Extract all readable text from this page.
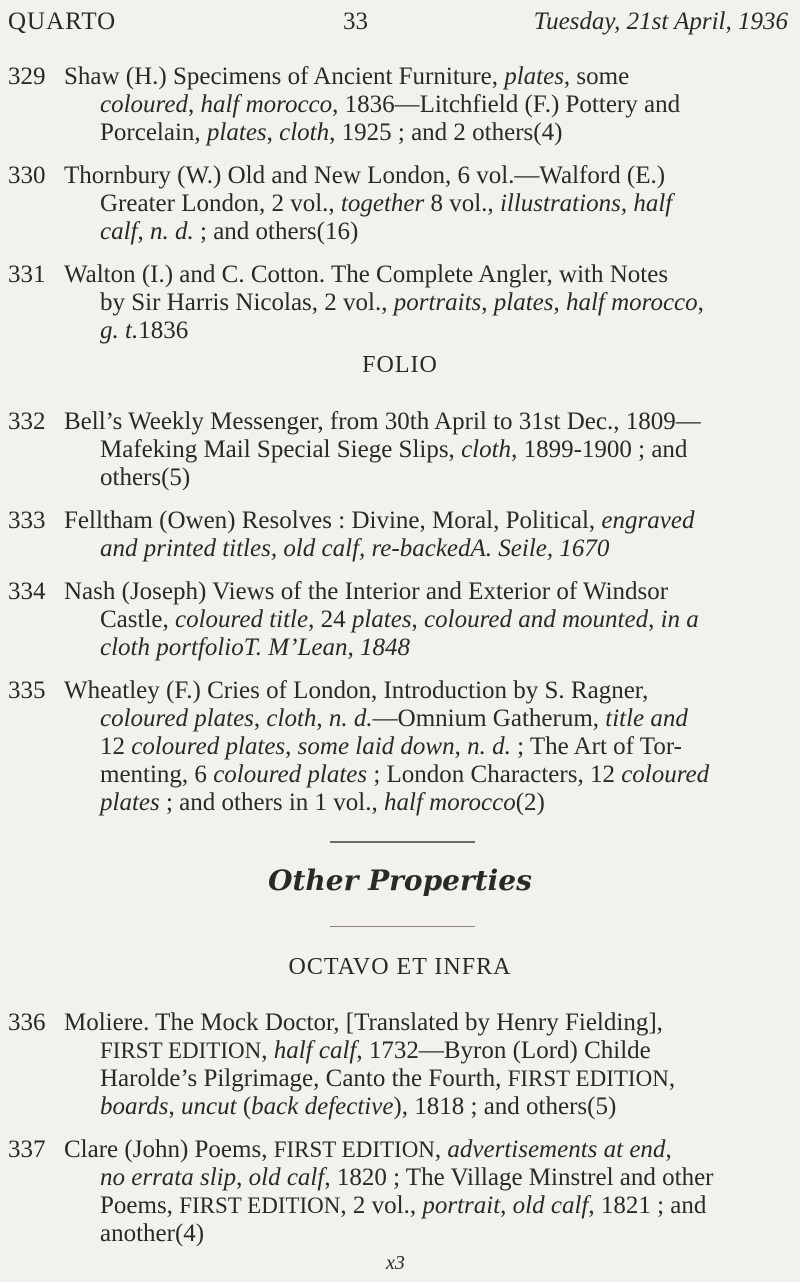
QUARTO	33	Tuesday, 21st April, 1936
329 Shaw (H.) Specimens of Ancient Furniture, plates, some
coloured, half morocco, 1836—Litchfield (F.) Pottery and
Porcelain, plates, cloth, 1925 ; and 2 others(4)
330 Thornbury (W.) Old and New London, 6 vol.—Walford (E.)
Greater London, 2 vol., together 8 vol., illustrations, half
calf, n. d. ; and others(16)
331 Walton (I.) and C. Cotton. The Complete Angler, with Notes
by Sir Harris Nicolas, 2 vol., portraits, plates, half morocco,
g. t.1836
FOLIO
332 Bell’s Weekly Messenger, from 30th April to 31st Dec., 1809—
Mafeking Mail Special Siege Slips, cloth, 1899-1900 ; and
others(5)
333 Felltham (Owen) Resolves : Divine, Moral, Political, engraved
and printed titles, old calf, re-backedA. Seile, 1670
334 Nash (Joseph) Views of the Interior and Exterior of Windsor
Castle, coloured title, 24 plates, coloured and mounted, in a
cloth portfolioT. M’Lean, 1848
335 Wheatley (F.) Cries of London, Introduction by S. Ragner,
coloured plates, cloth, n. d.—Omnium Gatherum, title and
12 coloured plates, some laid down, n. d. ; The Art of Tor-
menting, 6 coloured plates ; London Characters, 12 coloured
plates ; and others in 1 vol., half morocco(2)
Other Properties
OCTAVO ET INFRA
336 Moliere. The Mock Doctor, [Translated by Henry Fielding],
FIRST EDITION, half calf, 1732—Byron (Lord) Childe
Harolde’s Pilgrimage, Canto the Fourth, FIRST EDITION,
boards, uncut (back defective), 1818 ; and others(5)
337 Clare (John) Poems, FIRST EDITION, advertisements at end,
no errata slip, old calf, 1820 ; The Village Minstrel and other
Poems, FIRST EDITION, 2 vol., portrait, old calf, 1821 ; and
another(4)
x3
